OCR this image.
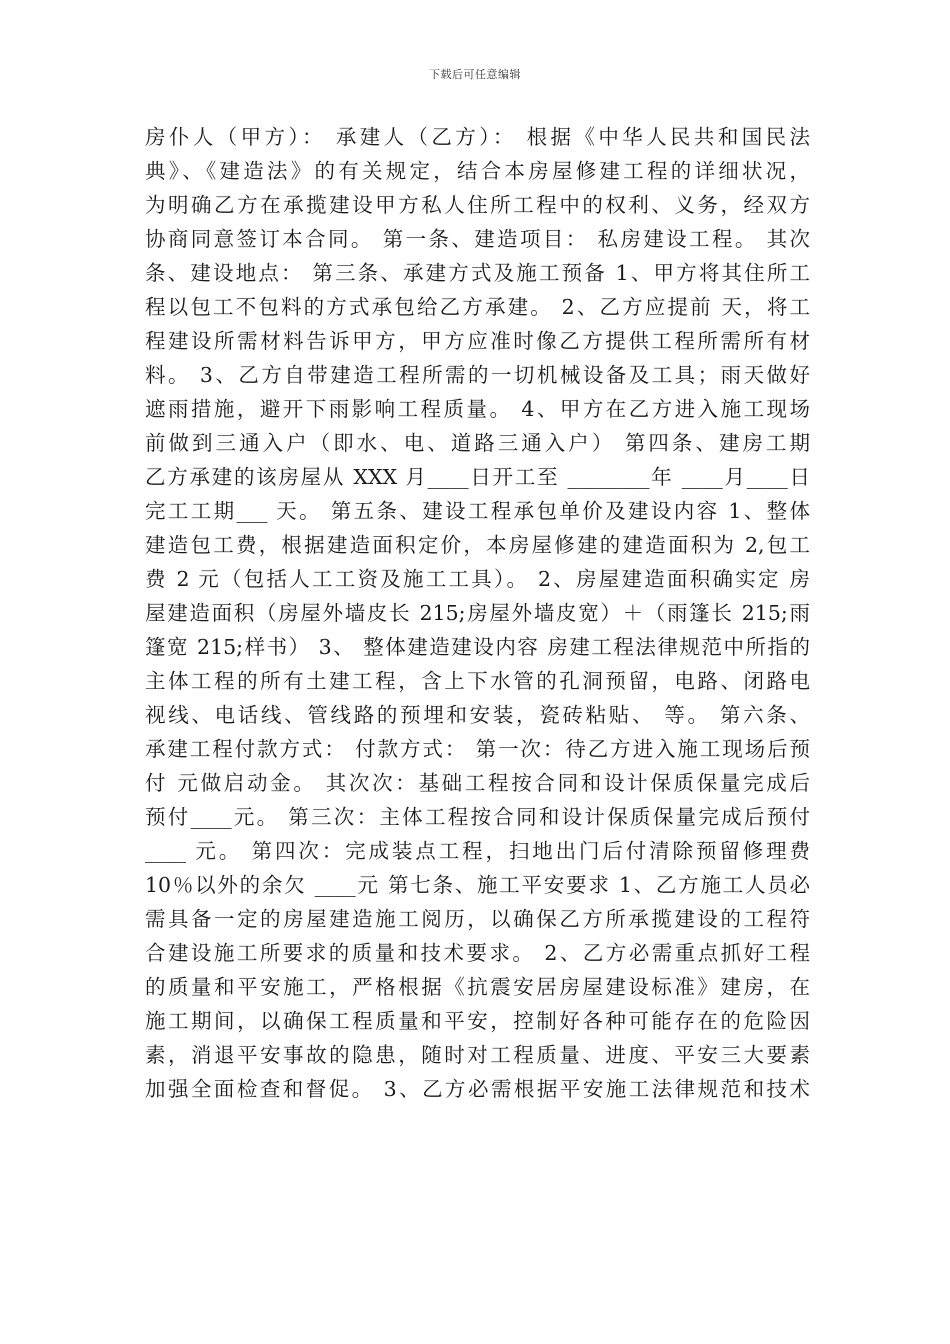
下载后可任意编辑
房仆人（甲方）： 承建人（乙方）： 根据《中华人民共和国民法
典》、《建造法》的有关规定，结合本房屋修建工程的详细状况，
为明确乙方在承揽建设甲方私人住所工程中的权利、义务，经双方
协商同意签订本合同。 第一条、建造项目： 私房建设工程。 其次
条、建设地点： 第三条、承建方式及施工预备 1、甲方将其住所工
程以包工不包料的方式承包给乙方承建。 2、乙方应提前 天，将工
程建设所需材料告诉甲方，甲方应准时像乙方提供工程所需所有材
料。 3、乙方自带建造工程所需的一切机械设备及工具；雨天做好
遮雨措施，避开下雨影响工程质量。 4、甲方在乙方进入施工现场
前做到三通入户（即水、电、道路三通入户） 第四条、建房工期
乙方承建的该房屋从 XXX 月____日开工至 ________年 ____月____日
完工工期___ 天。 第五条、建设工程承包单价及建设内容 1、整体
建造包工费，根据建造面积定价，本房屋修建的建造面积为 2,包工
费 2 元（包括人工工资及施工工具）。 2、房屋建造面积确实定 房
屋建造面积（房屋外墙皮长 215;房屋外墙皮宽）＋（雨篷长 215;雨
篷宽 215;样书） 3、 整体建造建设内容 房建工程法律规范中所指的
主体工程的所有土建工程，含上下水管的孔洞预留，电路、闭路电
视线、电话线、管线路的预埋和安装，瓷砖粘贴、 等。 第六条、
承建工程付款方式： 付款方式： 第一次：待乙方进入施工现场后预
付 元做启动金。 其次次：基础工程按合同和设计保质保量完成后
预付____元。 第三次：主体工程按合同和设计保质保量完成后预付
____ 元。 第四次：完成装点工程，扫地出门后付清除预留修理费
10％以外的余欠 ____元 第七条、施工平安要求 1、乙方施工人员必
需具备一定的房屋建造施工阅历，以确保乙方所承揽建设的工程符
合建设施工所要求的质量和技术要求。 2、乙方必需重点抓好工程
的质量和平安施工，严格根据《抗震安居房屋建设标准》建房，在
施工期间，以确保工程质量和平安，控制好各种可能存在的危险因
素，消退平安事故的隐患，随时对工程质量、进度、平安三大要素
加强全面检查和督促。 3、乙方必需根据平安施工法律规范和技术
